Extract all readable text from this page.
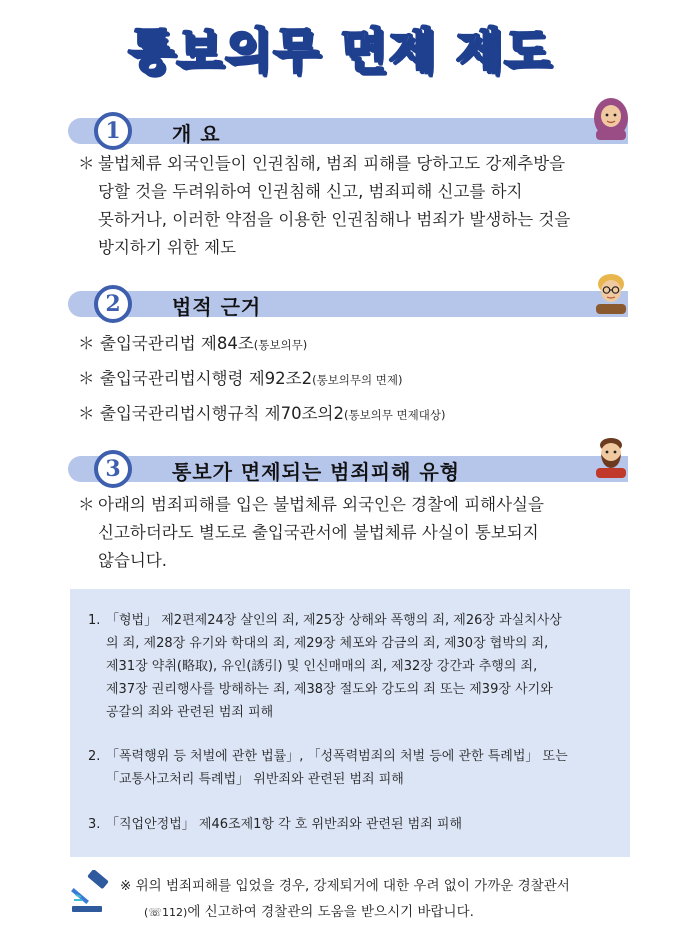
통보의무 면제 제도
1	개 요
＊ 불법체류 외국인들이 인권침해, 범죄 피해를 당하고도 강제추방을
당할 것을 두려워하여 인권침해 신고, 범죄피해 신고를 하지
못하거나, 이러한 약점을 이용한 인권침해나 범죄가 발생하는 것을
방지하기 위한 제도
2	법적 근거
＊ 출입국관리법 제84조(통보의무)
＊ 출입국관리법시행령 제92조2(통보의무의 면제)
＊ 출입국관리법시행규칙 제70조의2(통보의무 면제대상)
3	통보가 면제되는 범죄피해 유형
＊ 아래의 범죄피해를 입은 불법체류 외국인은 경찰에 피해사실을
신고하더라도 별도로 출입국관서에 불법체류 사실이 통보되지
않습니다.
1. 「형법」 제2편제24장 살인의 죄, 제25장 상해와 폭행의 죄, 제26장 과실치사상
의 죄, 제28장 유기와 학대의 죄, 제29장 체포와 감금의 죄, 제30장 협박의 죄,
제31장 약취(略取), 유인(誘引) 및 인신매매의 죄, 제32장 강간과 추행의 죄,
제37장 권리행사를 방해하는 죄, 제38장 절도와 강도의 죄 또는 제39장 사기와
공갈의 죄와 관련된 범죄 피해
2. 「폭력행위 등 처벌에 관한 법률」, 「성폭력범죄의 처벌 등에 관한 특례법」 또는
「교통사고처리 특례법」 위반죄와 관련된 범죄 피해
3. 「직업안정법」 제46조제1항 각 호 위반죄와 관련된 범죄 피해
※ 위의 범죄피해를 입었을 경우, 강제퇴거에 대한 우려 없이 가까운 경찰관서
(☏112)에 신고하여 경찰관의 도움을 받으시기 바랍니다.
